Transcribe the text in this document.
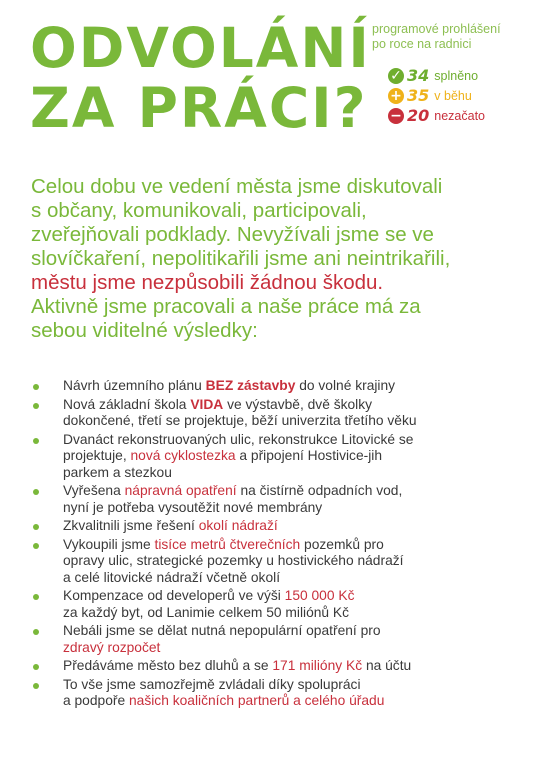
ODVOLÁNÍ
ZA PRÁCI?
programové prohlášení
po roce na radnici
✓ 34 splněno
+ 35 v běhu
− 20 nezačato
Celou dobu ve vedení města jsme diskutovali
s občany, komunikovali, participovali,
zveřejňovali podklady. Nevyžívali jsme se ve
slovíčkaření, nepolitikařili jsme ani neintrikařili,
městu jsme nezpůsobili žádnou škodu.
Aktivně jsme pracovali a naše práce má za
sebou viditelné výsledky:
Návrh územního plánu BEZ zástavby do volné krajiny
Nová základní škola VIDA ve výstavbě, dvě školky
dokončené, třetí se projektuje, běží univerzita třetího věku
Dvanáct rekonstruovaných ulic, rekonstrukce Litovické se
projektuje, nová cyklostezka a připojení Hostivice-jih
parkem a stezkou
Vyřešena nápravná opatření na čistírně odpadních vod,
nyní je potřeba vysoutěžit nové membrány
Zkvalitnili jsme řešení okolí nádraží
Vykoupili jsme tisíce metrů čtverečních pozemků pro
opravy ulic, strategické pozemky u hostivického nádraží
a celé litovické nádraží včetně okolí
Kompenzace od developerů ve výši 150 000 Kč
za každý byt, od Lanimie celkem 50 miliónů Kč
Nebáli jsme se dělat nutná nepopulární opatření pro
zdravý rozpočet
Předáváme město bez dluhů a se 171 milióny Kč na účtu
To vše jsme samozřejmě zvládali díky spolupráci
a podpoře našich koaličních partnerů a celého úřadu
